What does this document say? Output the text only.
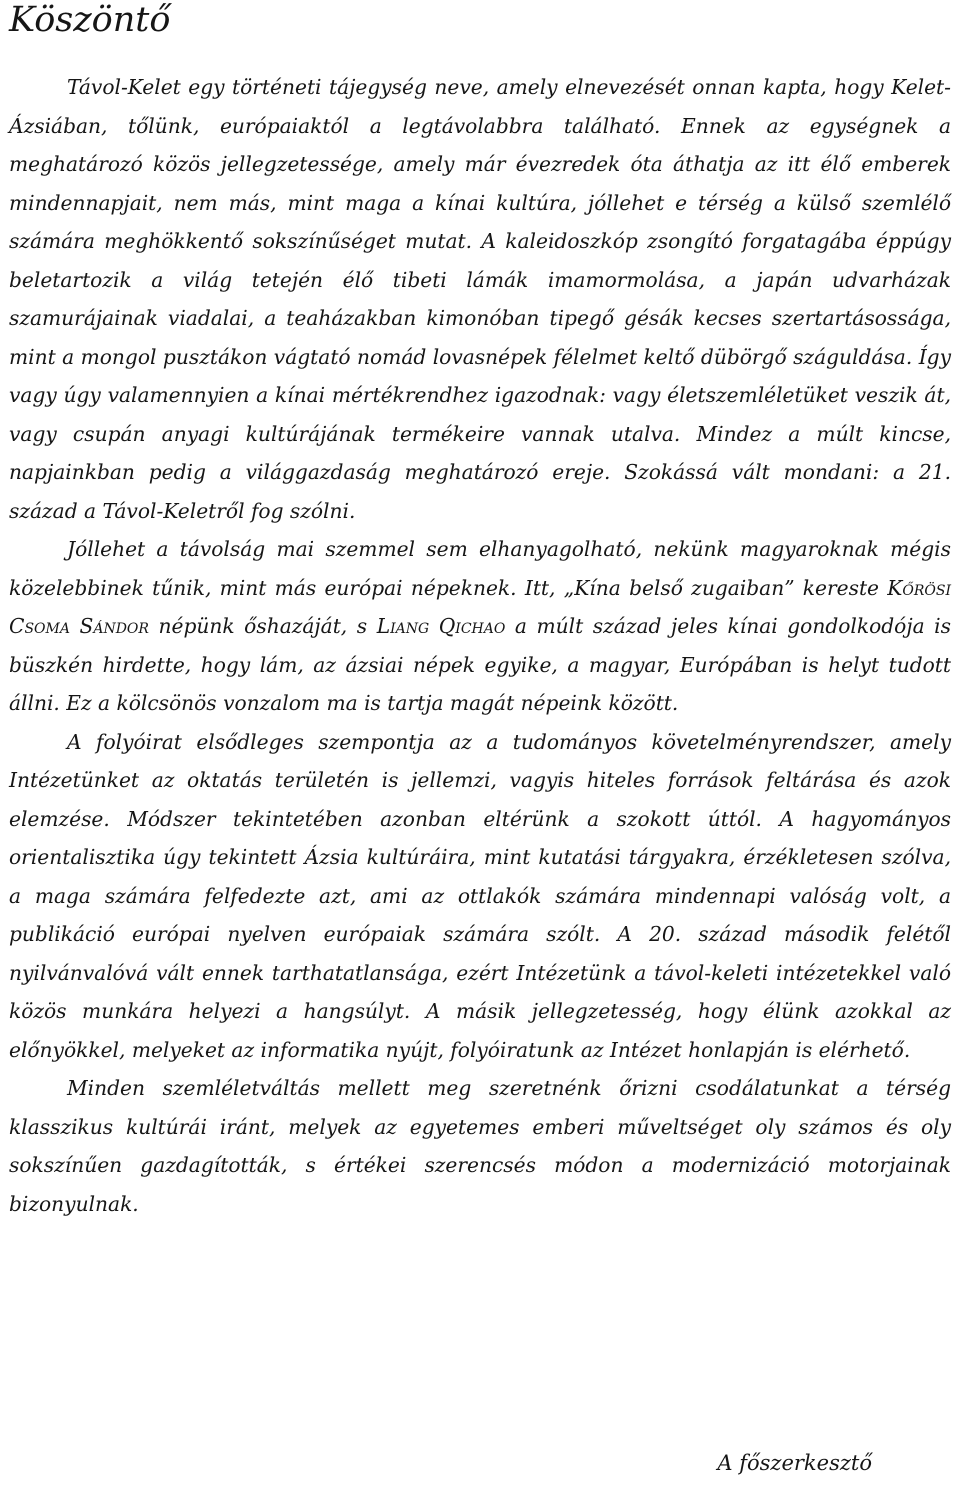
Köszöntő

Távol-Kelet egy történeti tájegység neve, amely elnevezését onnan kapta, hogy Kelet-Ázsiában, tőlünk, európaiaktól a legtávolabbra található. Ennek az egységnek a meghatározó közös jellegzetessége, amely már évezredek óta áthatja az itt élő emberek mindennapjait, nem más, mint maga a kínai kultúra, jóllehet e térség a külső szemlélő számára meghökkentő sokszínűséget mutat. A kaleidoszkóp zsongító forgatagába éppúgy beletartozik a világ tetején élő tibeti lámák imamormolása, a japán udvarházak szamurájainak viadalai, a teaházakban kimonóban tipegő gésák kecses szertartásossága, mint a mongol pusztákon vágtató nomád lovasnépek félelmet keltő dübörgő száguldása. Így vagy úgy valamennyien a kínai mértékrendhez igazodnak: vagy életszemléletüket veszik át, vagy csupán anyagi kultúrájának termékeire vannak utalva. Mindez a múlt kincse, napjainkban pedig a világgazdaság meghatározó ereje. Szokássá vált mondani: a 21. század a Távol-Keletről fog szólni.

Jóllehet a távolság mai szemmel sem elhanyagolható, nekünk magyaroknak mégis közelebbinek tűnik, mint más európai népeknek. Itt, „Kína belső zugaiban” kereste Kőrösi Csoma Sándor népünk őshazáját, s Liang Qichao a múlt század jeles kínai gondolkodója is büszkén hirdette, hogy lám, az ázsiai népek egyike, a magyar, Európában is helyt tudott állni. Ez a kölcsönös vonzalom ma is tartja magát népeink között.

A folyóirat elsődleges szempontja az a tudományos követelményrendszer, amely Intézetünket az oktatás területén is jellemzi, vagyis hiteles források feltárása és azok elemzése. Módszer tekintetében azonban eltérünk a szokott úttól. A hagyományos orientalisztika úgy tekintett Ázsia kultúráira, mint kutatási tárgyakra, érzékletesen szólva, a maga számára felfedezte azt, ami az ottlakók számára mindennapi valóság volt, a publikáció európai nyelven európaiak számára szólt. A 20. század második felétől nyilvánvalóvá vált ennek tarthatatlansága, ezért Intézetünk a távol-keleti intézetekkel való közös munkára helyezi a hangsúlyt. A másik jellegzetesség, hogy élünk azokkal az előnyökkel, melyeket az informatika nyújt, folyóiratunk az Intézet honlapján is elérhető.

Minden szemléletváltás mellett meg szeretnénk őrizni csodálatunkat a térség klasszikus kultúrái iránt, melyek az egyetemes emberi műveltséget oly számos és oly sokszínűen gazdagították, s értékei szerencsés módon a modernizáció motorjainak bizonyulnak.

A főszerkesztő
